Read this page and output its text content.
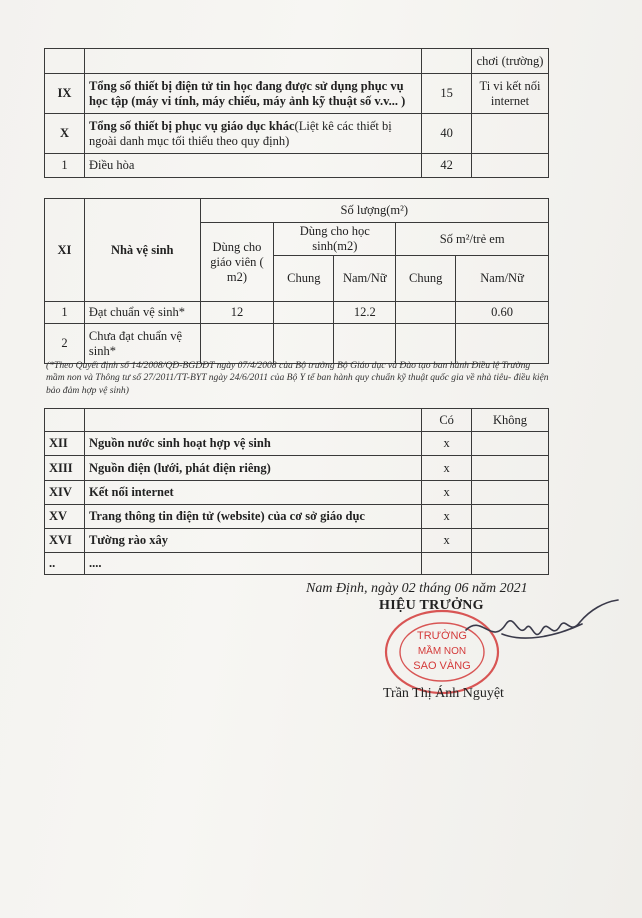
			chơi (trường)
IX	Tổng số thiết bị điện tử tin học đang được sử dụng phục vụ học tập (máy vi tính, máy chiếu, máy ảnh kỹ thuật số v.v... )	15	Ti vi kết nối internet
X	Tổng số thiết bị phục vụ giáo dục khác(Liệt kê các thiết bị ngoài danh mục tối thiểu theo quy định)	40	
1	Điều hòa	42	
XI	Nhà vệ sinh	Số lượng(m²)				
		Dùng cho giáo viên ( m2)	Dùng cho học sinh(m2)		Số m²/trẻ em	
			Chung	Nam/Nữ	Chung	Nam/Nữ
1	Đạt chuẩn vệ sinh*	12		12.2		0.60
2	Chưa đạt chuẩn vệ sinh*					
(*Theo Quyết định số 14/2008/QĐ-BGDĐT ngày 07/4/2008 của Bộ trưởng Bộ Giáo dục và Đào tạo ban hành Điều lệ Trường mầm non và Thông tư số 27/2011/TT-BYT ngày 24/6/2011 của Bộ Y tế ban hành quy chuẩn kỹ thuật quốc gia về nhà tiêu- điều kiện bảo đảm hợp vệ sinh)
		Có	Không
XII	Nguồn nước sinh hoạt hợp vệ sinh	x	
XIII	Nguồn điện (lưới, phát điện riêng)	x	
XIV	Kết nối internet	x	
XV	Trang thông tin điện tử (website) của cơ sở giáo dục	x	
XVI	Tường rào xây	x	
..	....		
Nam Định, ngày 02 tháng 06 năm 2021
HIỆU TRƯỞNG
TRƯỜNG
MẦM NON
SAO VÀNG
Trần Thị Ánh Nguyệt
